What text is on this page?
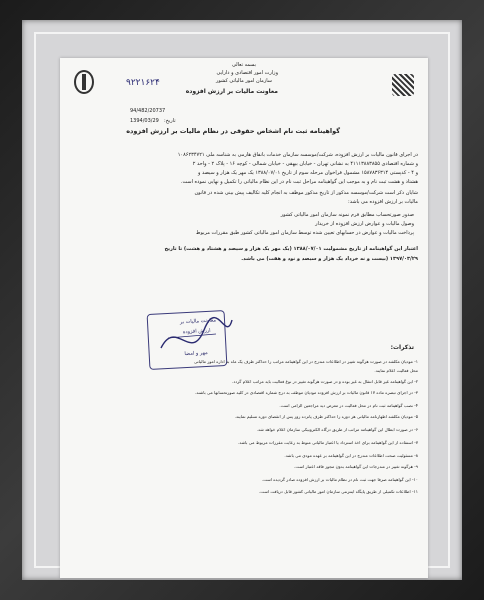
بسمه تعالی
وزارت امور اقتصادی و دارایی
سازمان امور مالیاتی کشور
معاونت مالیات بر ارزش افزوده
۹۲۲۱۶۲۴
94/482/20737
1394/03/29 تاریخ:
گواهینامه ثبت نام اشخاص حقوقی در نظام مالیات بر ارزش افزوده
در اجرای قانون مالیات بر ارزش افزوده، شرکت/موسسه سازمان خدمات بانفاق هارمی به شناسه ملی ۱۰۸۶۲۳۴۷۲۱
و شماره اقتصادی ۴۱۱۱۳۸۸۳۸۵۵ به نشانی تهران - خیابان بیهقی - خیابان شمالی - کوچه ۱۶ - پلاک ۲ - واحد ۲
و ۴ - کدپستی ۱۵۸۷۸۳۶۳۱۴ مشمول فراخوان مرحله سوم از تاریخ ۱۳۸۸/۰۷/۰۱ یک مهر یک هزار و سیصد و
هشتاد و هشت ثبت نام و به موجب این گواهینامه مراحل ثبت نام در این نظام مالیاتی را تکمیل و نهایی نموده است.
شایان ذکر است شرکت/موسسه مذکور از تاریخ مذکور موظف به انجام کلیه تکالیف پیش بینی شده در قانون
مالیات بر ارزش افزوده می باشد:
صدور صورتحساب مطابق فرم نمونه سازمان امور مالیاتی کشور
وصول مالیات و عوارض ارزش افزوده از خریدار
پرداخت مالیات و عوارض در حسابهای تعیین شده توسط سازمان امور مالیاتی کشور طبق مقررات مربوط
اعتبار این گواهینامه از تاریخ مشمولیت ۱۳۸۸/۰۷/۰۱ (یک مهر یک هزار و سیصد و هشتاد و هشت) تا تاریخ
۱۳۹۷/۰۳/۲۹ (بیست و نه خرداد یک هزار و سیصد و نود و هفت) می باشد.
معاونت مالیات بر
ارزش افزوده
مهر و امضا
تذکرات:
۱- مودیان مکلفند در صورت هرگونه تغییر در اطلاعات مندرج در این گواهینامه مراتب را حداکثر ظرف یک ماه به اداره امور مالیاتی
محل فعالیت اعلام نمایند.
۲- این گواهینامه غیر قابل انتقال به غیر بوده و در صورت هرگونه تغییر در نوع فعالیت باید مراتب اعلام گردد.
۳- در اجرای تبصره ماده ۱۷ قانون مالیات بر ارزش افزوده مودیان موظف به درج شماره اقتصادی در کلیه صورتحسابها می باشند.
۴- نصب گواهینامه ثبت نام در محل فعالیت در معرض دید مراجعین الزامی است.
۵- مودیان مکلفند اظهارنامه مالیاتی هر دوره را حداکثر ظرف پانزده روز پس از انقضای دوره تسلیم نمایند.
۶- در صورت ابطال این گواهینامه مراتب از طریق درگاه الکترونیکی سازمان اعلام خواهد شد.
۷- استفاده از این گواهینامه برای اخذ استرداد یا اعتبار مالیاتی منوط به رعایت مقررات مربوط می باشد.
۸- مسئولیت صحت اطلاعات مندرج در این گواهینامه بر عهده مودی می باشد.
۹- هرگونه تغییر در مندرجات این گواهینامه بدون مجوز فاقد اعتبار است.
۱۰- این گواهینامه صرفا جهت ثبت نام در نظام مالیات بر ارزش افزوده صادر گردیده است.
۱۱- اطلاعات تکمیلی از طریق پایگاه اینترنتی سازمان امور مالیاتی کشور قابل دریافت است.
